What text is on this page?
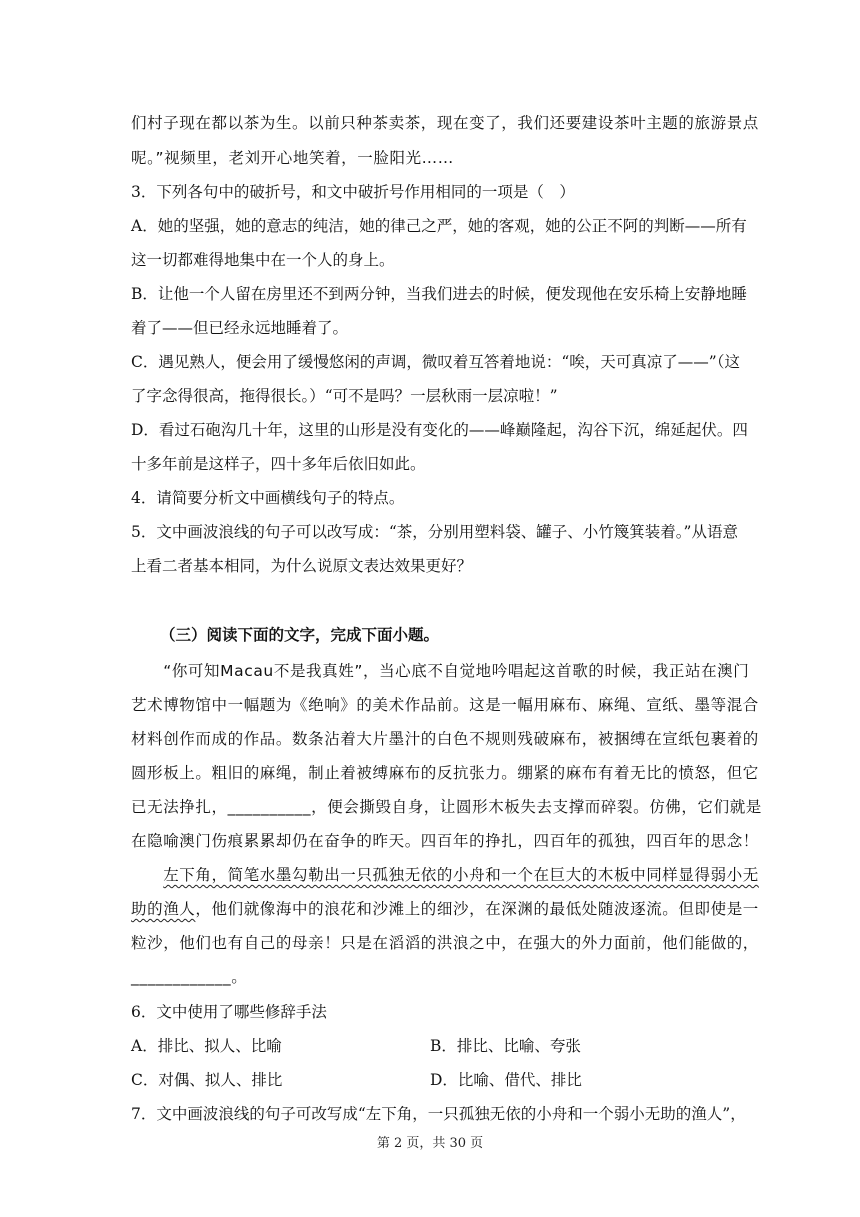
们村子现在都以茶为生。以前只种茶卖茶，现在变了，我们还要建设茶叶主题的旅游景点
呢。”视频里，老刘开心地笑着，一脸阳光……
3．下列各句中的破折号，和文中破折号作用相同的一项是（　）
A．她的坚强，她的意志的纯洁，她的律己之严，她的客观，她的公正不阿的判断——所有
这一切都难得地集中在一个人的身上。
B．让他一个人留在房里还不到两分钟，当我们进去的时候，便发现他在安乐椅上安静地睡
着了——但已经永远地睡着了。
C．遇见熟人，便会用了缓慢悠闲的声调，微叹着互答着地说：“唉，天可真凉了——”（这
了字念得很高，拖得很长。）“可不是吗？一层秋雨一层凉啦！”
D．看过石砲沟几十年，这里的山形是没有变化的——峰巅隆起，沟谷下沉，绵延起伏。四
十多年前是这样子，四十多年后依旧如此。
4．请简要分析文中画横线句子的特点。
5．文中画波浪线的句子可以改写成：“茶，分别用塑料袋、罐子、小竹篾箕装着。”从语意
上看二者基本相同，为什么说原文表达效果更好？
（三）阅读下面的文字，完成下面小题。
　　“你可知Macau不是我真姓”，当心底不自觉地吟唱起这首歌的时候，我正站在澳门
艺术博物馆中一幅题为《绝响》的美术作品前。这是一幅用麻布、麻绳、宣纸、墨等混合
材料创作而成的作品。数条沾着大片墨汁的白色不规则残破麻布，被捆缚在宣纸包裹着的
圆形板上。粗旧的麻绳，制止着被缚麻布的反抗张力。绷紧的麻布有着无比的愤怒，但它
已无法挣扎，__________，便会撕毁自身，让圆形木板失去支撑而碎裂。仿佛，它们就是
在隐喻澳门伤痕累累却仍在奋争的昨天。四百年的挣扎，四百年的孤独，四百年的思念！
　　左下角，简笔水墨勾勒出一只孤独无依的小舟和一个在巨大的木板中同样显得弱小无
助的渔人，他们就像海中的浪花和沙滩上的细沙，在深渊的最低处随波逐流。但即使是一
粒沙，他们也有自己的母亲！只是在滔滔的洪浪之中，在强大的外力面前，他们能做的，
____________。
6．文中使用了哪些修辞手法
A．排比、拟人、比喻	B．排比、比喻、夸张
C．对偶、拟人、排比	D．比喻、借代、排比
7．文中画波浪线的句子可改写成“左下角，一只孤独无依的小舟和一个弱小无助的渔人”，
第 2 页，共 30 页
